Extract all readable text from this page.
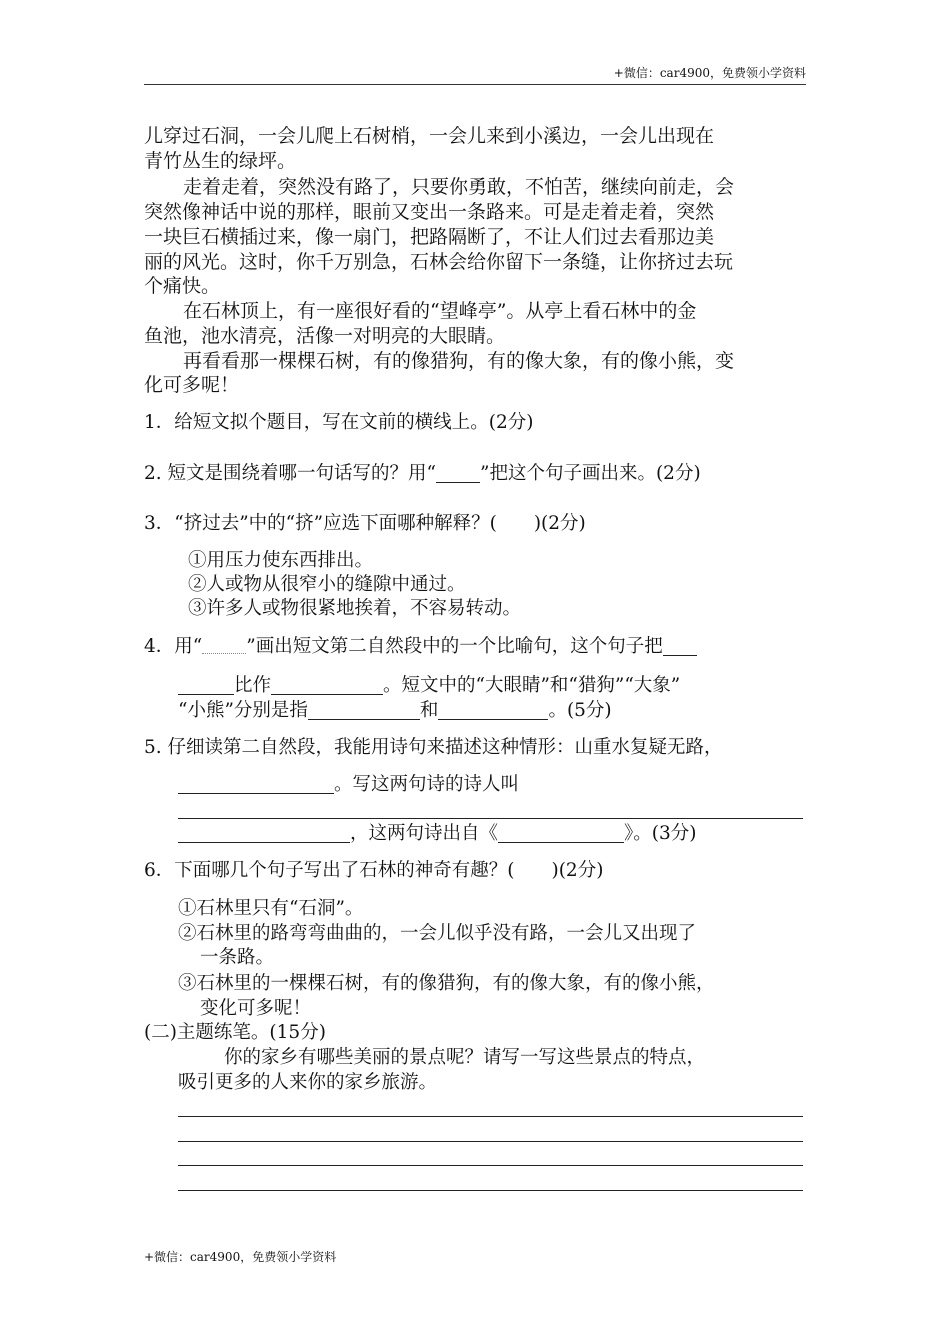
+微信：car4900，免费领小学资料
儿穿过石洞，一会儿爬上石树梢，一会儿来到小溪边，一会儿出现在
青竹丛生的绿坪。
走着走着，突然没有路了，只要你勇敢，不怕苦，继续向前走，会
突然像神话中说的那样，眼前又变出一条路来。可是走着走着，突然
一块巨石横插过来，像一扇门，把路隔断了，不让人们过去看那边美
丽的风光。这时，你千万别急，石林会给你留下一条缝，让你挤过去玩
个痛快。
在石林顶上，有一座很好看的“望峰亭”。从亭上看石林中的金
鱼池，池水清亮，活像一对明亮的大眼睛。
再看看那一棵棵石树，有的像猎狗，有的像大象，有的像小熊，变
化可多呢！
1．给短文拟个题目，写在文前的横线上。(2分)
2. 短文是围绕着哪一句话写的？用“ ”把这个句子画出来。(2分)
3．“挤过去”中的“挤”应选下面哪种解释？(　　)(2分)
①用压力使东西排出。
②人或物从很窄小的缝隙中通过。
③许多人或物很紧地挨着，不容易转动。
4．用“ ”画出短文第二自然段中的一个比喻句，这个句子把
比作	。短文中的“大眼睛”和“猎狗”“大象”
“小熊”分别是指	和	。(5分)
5. 仔细读第二自然段，我能用诗句来描述这种情形：山重水复疑无路，
。写这两句诗的诗人叫
，这两句诗出自《	》。(3分)
6．下面哪几个句子写出了石林的神奇有趣？(　　)(2分)
①石林里只有“石洞”。
②石林里的路弯弯曲曲的，一会儿似乎没有路，一会儿又出现了
一条路。
③石林里的一棵棵石树，有的像猎狗，有的像大象，有的像小熊，
变化可多呢！
(二)主题练笔。(15分)
你的家乡有哪些美丽的景点呢？请写一写这些景点的特点，
吸引更多的人来你的家乡旅游。
+微信：car4900，免费领小学资料
